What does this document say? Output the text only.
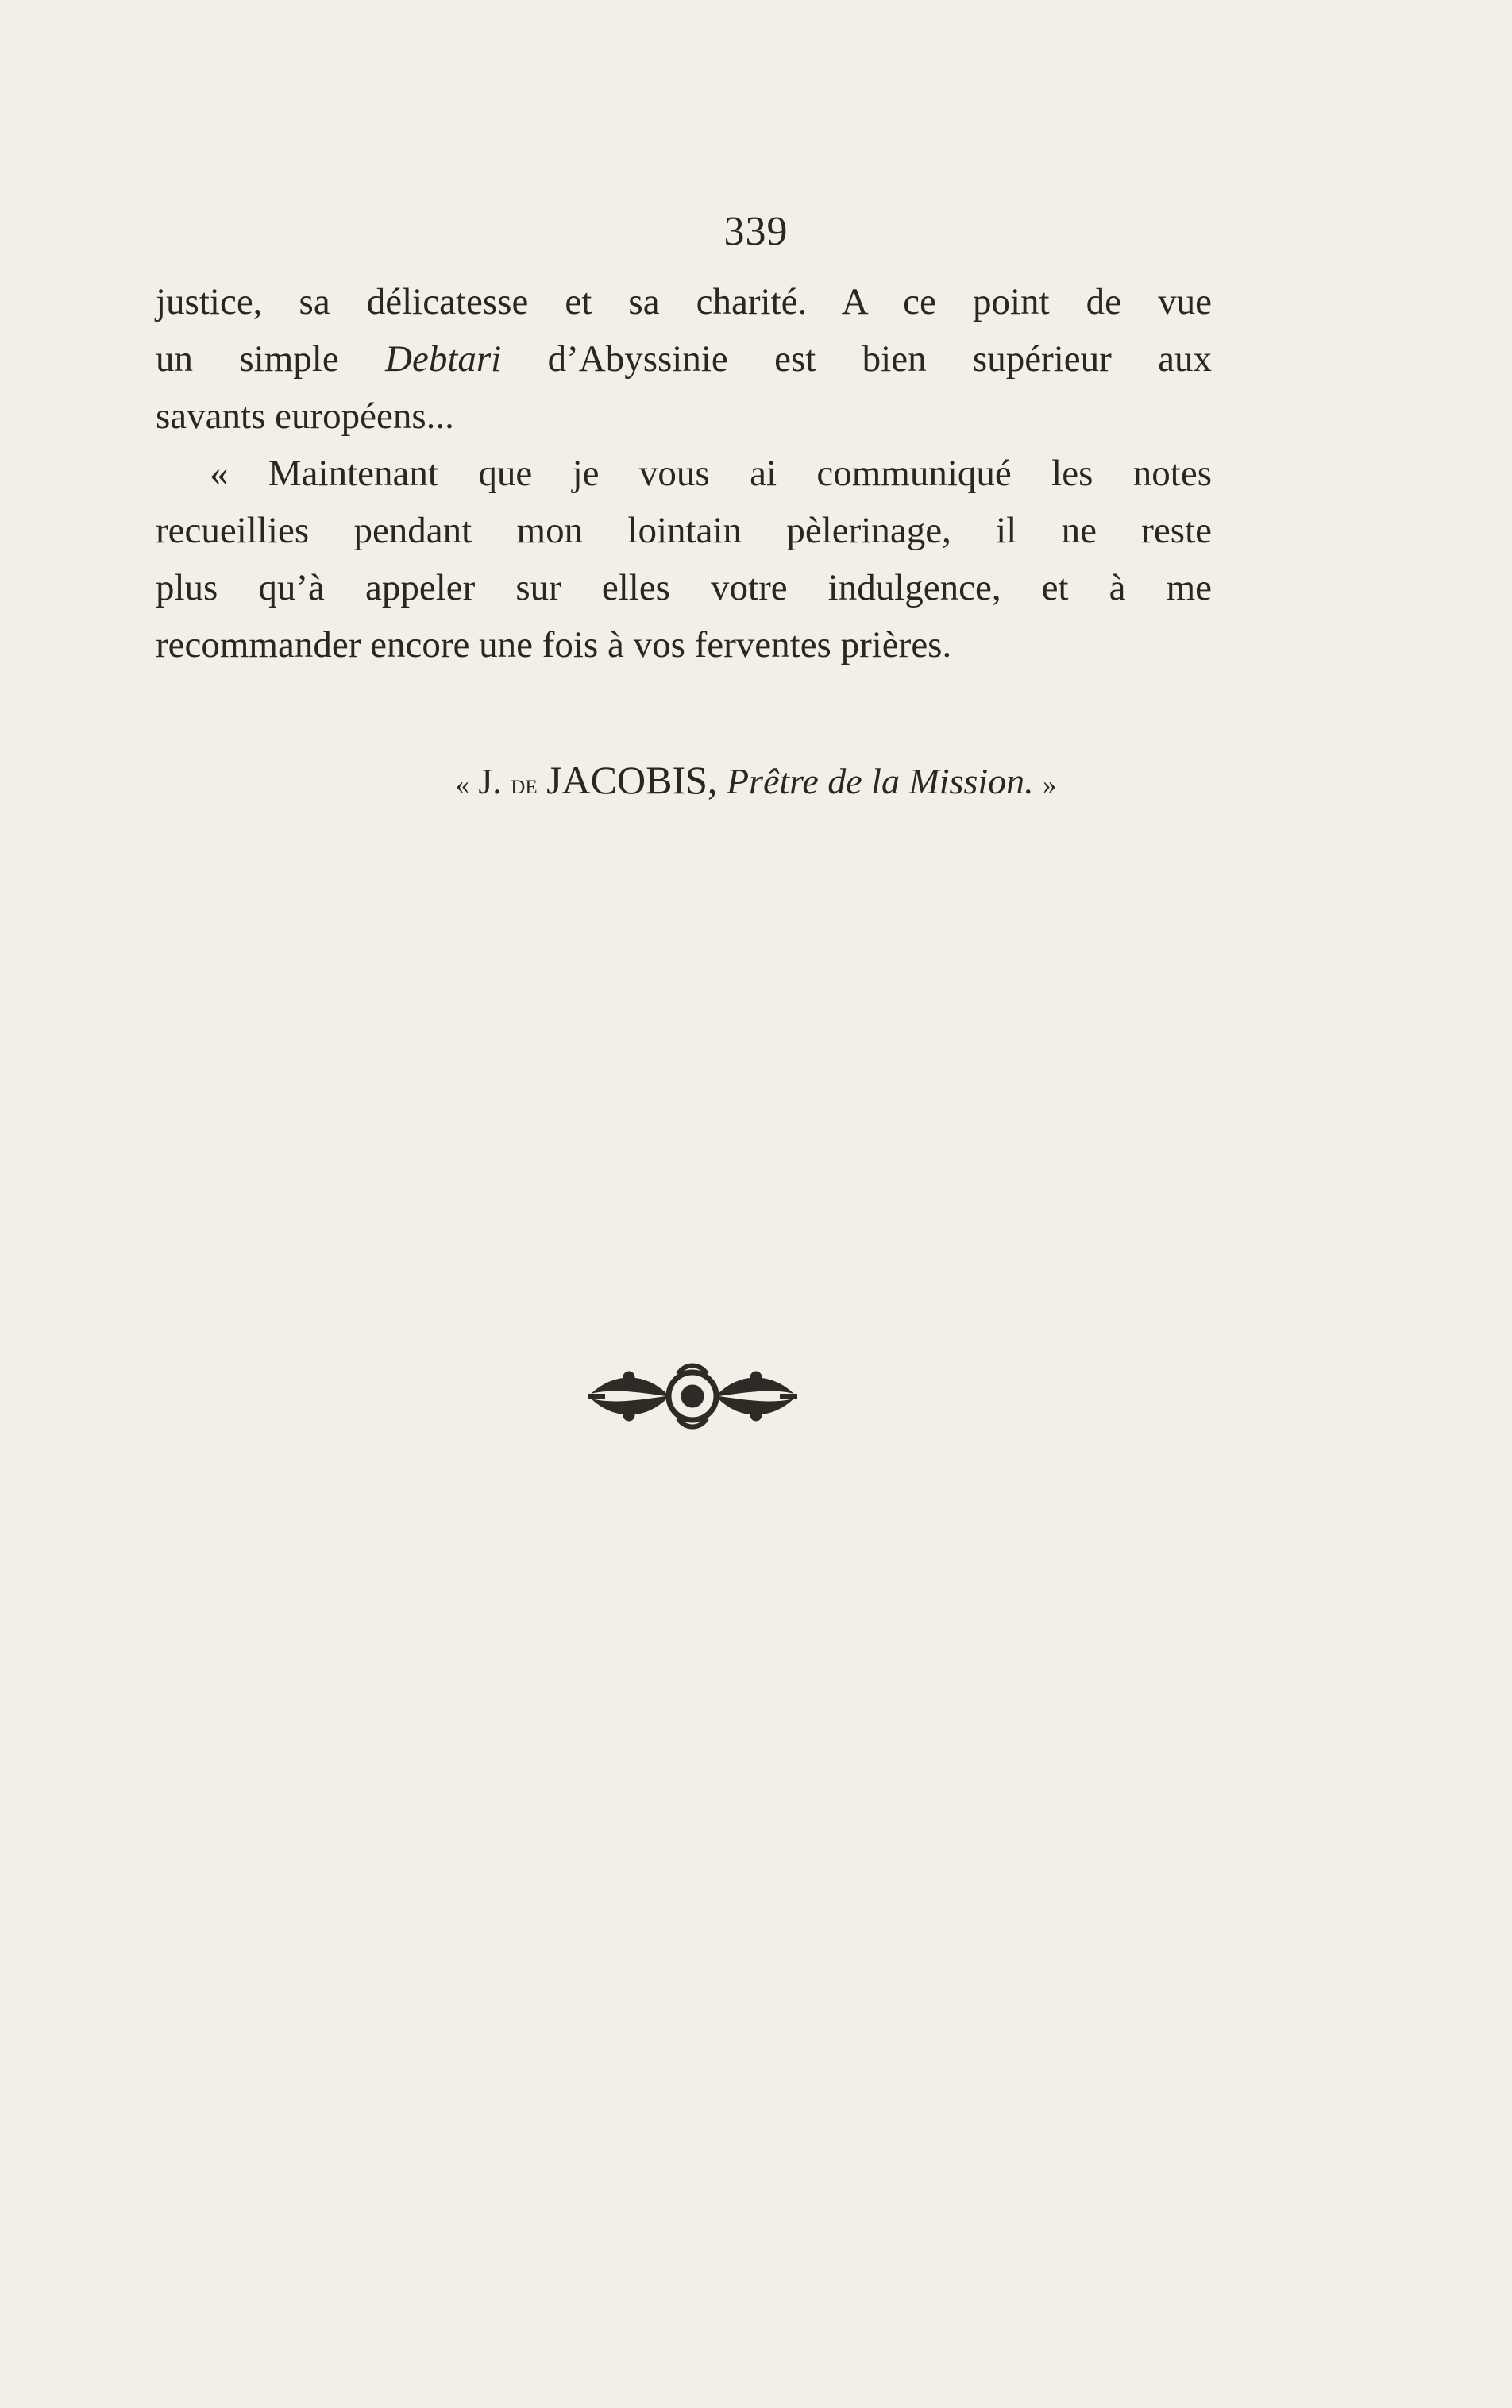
339
justice, sa délicatesse et sa charité. A ce point de vue
un simple Debtari d’Abyssinie est bien supérieur aux
savants européens...
« Maintenant que je vous ai communiqué les notes
recueillies pendant mon lointain pèlerinage, il ne reste
plus qu’à appeler sur elles votre indulgence, et à me
recommander encore une fois à vos ferventes prières.
« J. de JACOBIS, Prêtre de la Mission. »
